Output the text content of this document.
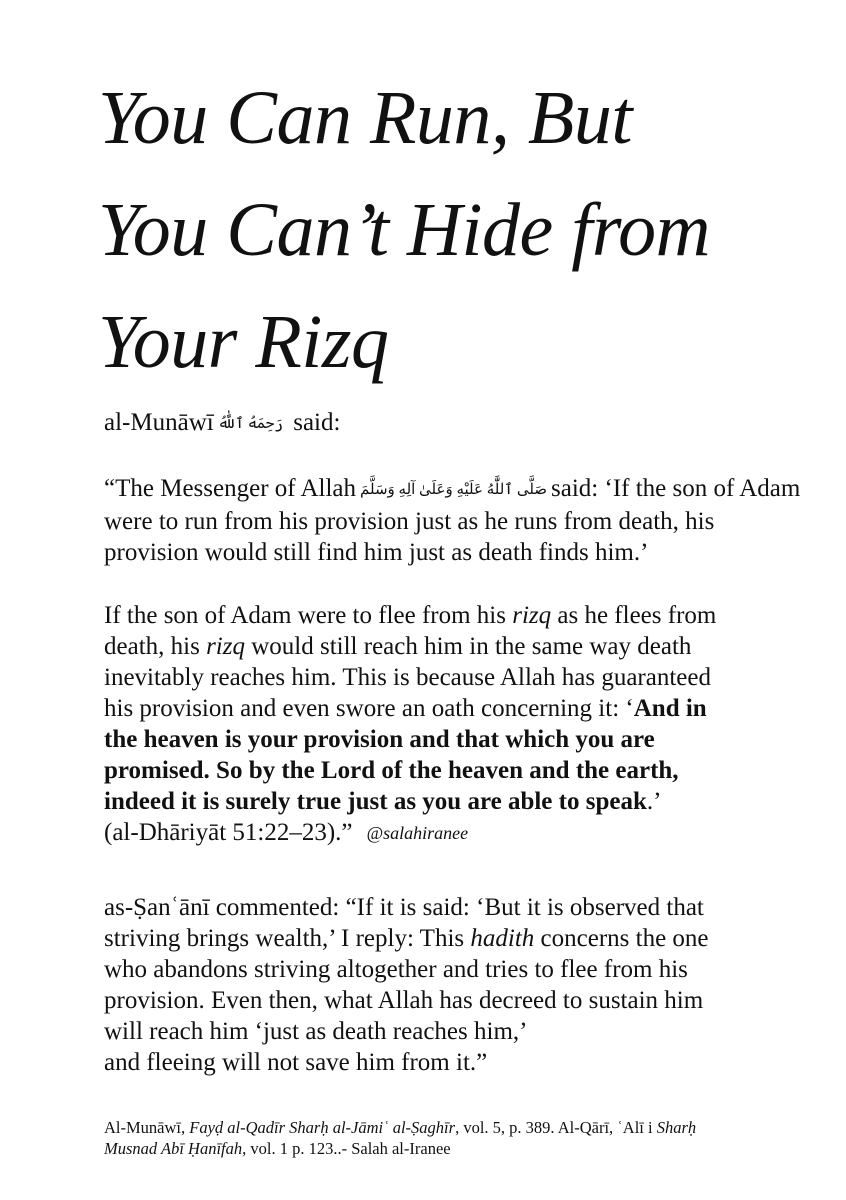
You Can Run, But
You Can’t Hide from
Your Rizq
al-Munāwī رَحِمَهُ ٱللَّٰهُ said:
“The Messenger of Allah صَلَّى ٱللَّٰهُ عَلَيْهِ وَعَلَىٰ آلِهِ وَسَلَّمَ said: ‘If the son of Adam
were to run from his provision just as he runs from death, his
provision would still find him just as death finds him.’
If the son of Adam were to flee from his rizq as he flees from
death, his rizq would still reach him in the same way death
inevitably reaches him. This is because Allah has guaranteed
his provision and even swore an oath concerning it: ‘And in
the heaven is your provision and that which you are
promised. So by the Lord of the heaven and the earth,
indeed it is surely true just as you are able to speak.’
(al-Dhāriyāt 51:22–23).” @salahiranee
as-Ṣanʿānī commented: “If it is said: ‘But it is observed that
striving brings wealth,’ I reply: This hadith concerns the one
who abandons striving altogether and tries to flee from his
provision. Even then, what Allah has decreed to sustain him
will reach him ‘just as death reaches him,’
and fleeing will not save him from it.”
Al-Munāwī, Fayḍ al-Qadīr Sharḥ al-Jāmiʿ al-Ṣaghīr, vol. 5, p. 389. Al-Qārī, ʿAlī i Sharḥ
Musnad Abī Ḥanīfah, vol. 1 p. 123..- Salah al-Iranee
